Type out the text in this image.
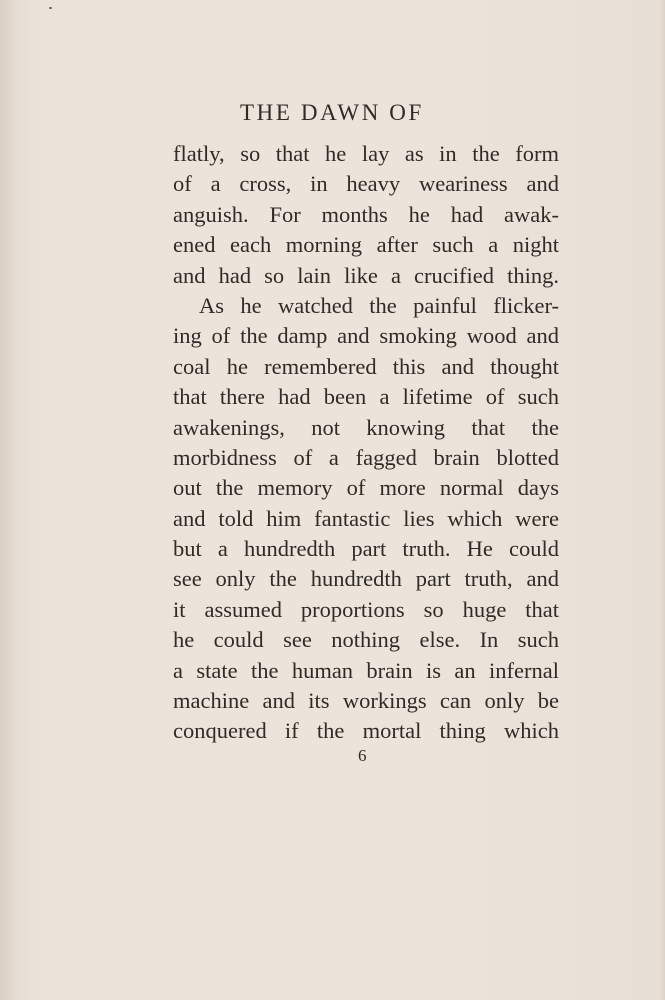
THE DAWN OF
flatly, so that he lay as in the form
of a cross, in heavy weariness and
anguish. For months he had awak-
ened each morning after such a night
and had so lain like a crucified thing.
As he watched the painful flicker-
ing of the damp and smoking wood and
coal he remembered this and thought
that there had been a lifetime of such
awakenings, not knowing that the
morbidness of a fagged brain blotted
out the memory of more normal days
and told him fantastic lies which were
but a hundredth part truth. He could
see only the hundredth part truth, and
it assumed proportions so huge that
he could see nothing else. In such
a state the human brain is an infernal
machine and its workings can only be
conquered if the mortal thing which
6
